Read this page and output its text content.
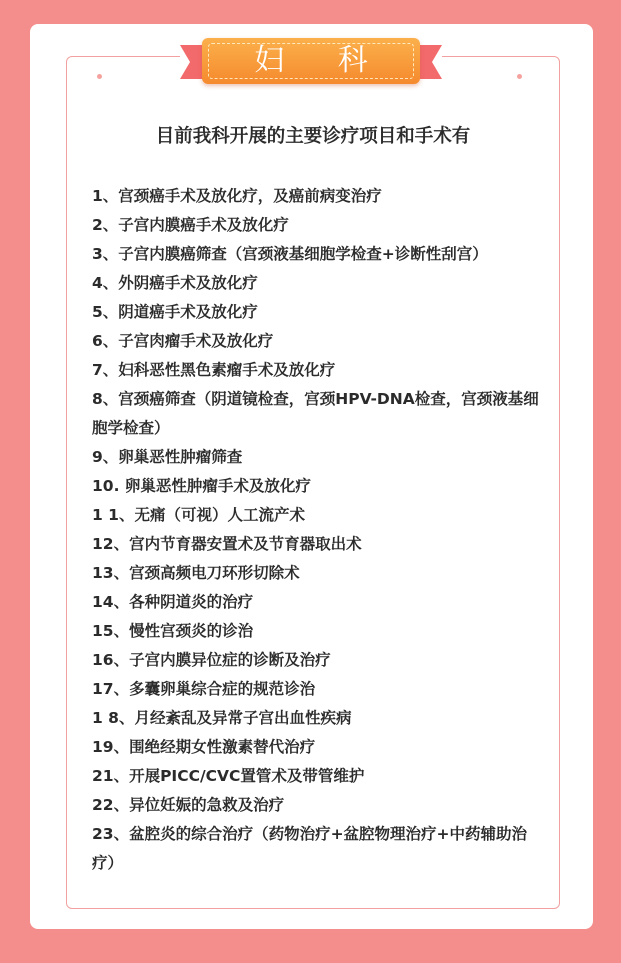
妇 科
目前我科开展的主要诊疗项目和手术有
1、宫颈癌手术及放化疗，及癌前病变治疗
2、子宫内膜癌手术及放化疗
3、子宫内膜癌筛查（宫颈液基细胞学检查+诊断性刮宫）
4、外阴癌手术及放化疗
5、阴道癌手术及放化疗
6、子宫肉瘤手术及放化疗
7、妇科恶性黑色素瘤手术及放化疗
8、宫颈癌筛查（阴道镜检查，宫颈HPV-DNA检查，宫颈液基细胞学检查）
9、卵巢恶性肿瘤筛查
10. 卵巢恶性肿瘤手术及放化疗
1 1、无痛（可视）人工流产术
12、宫内节育器安置术及节育器取出术
13、宫颈高频电刀环形切除术
14、各种阴道炎的治疗
15、慢性宫颈炎的诊治
16、子宫内膜异位症的诊断及治疗
17、多囊卵巢综合症的规范诊治
1 8、月经紊乱及异常子宫出血性疾病
19、围绝经期女性激素替代治疗
21、开展PICC/CVC置管术及带管维护
22、异位妊娠的急救及治疗
23、盆腔炎的综合治疗（药物治疗+盆腔物理治疗+中药辅助治疗）
